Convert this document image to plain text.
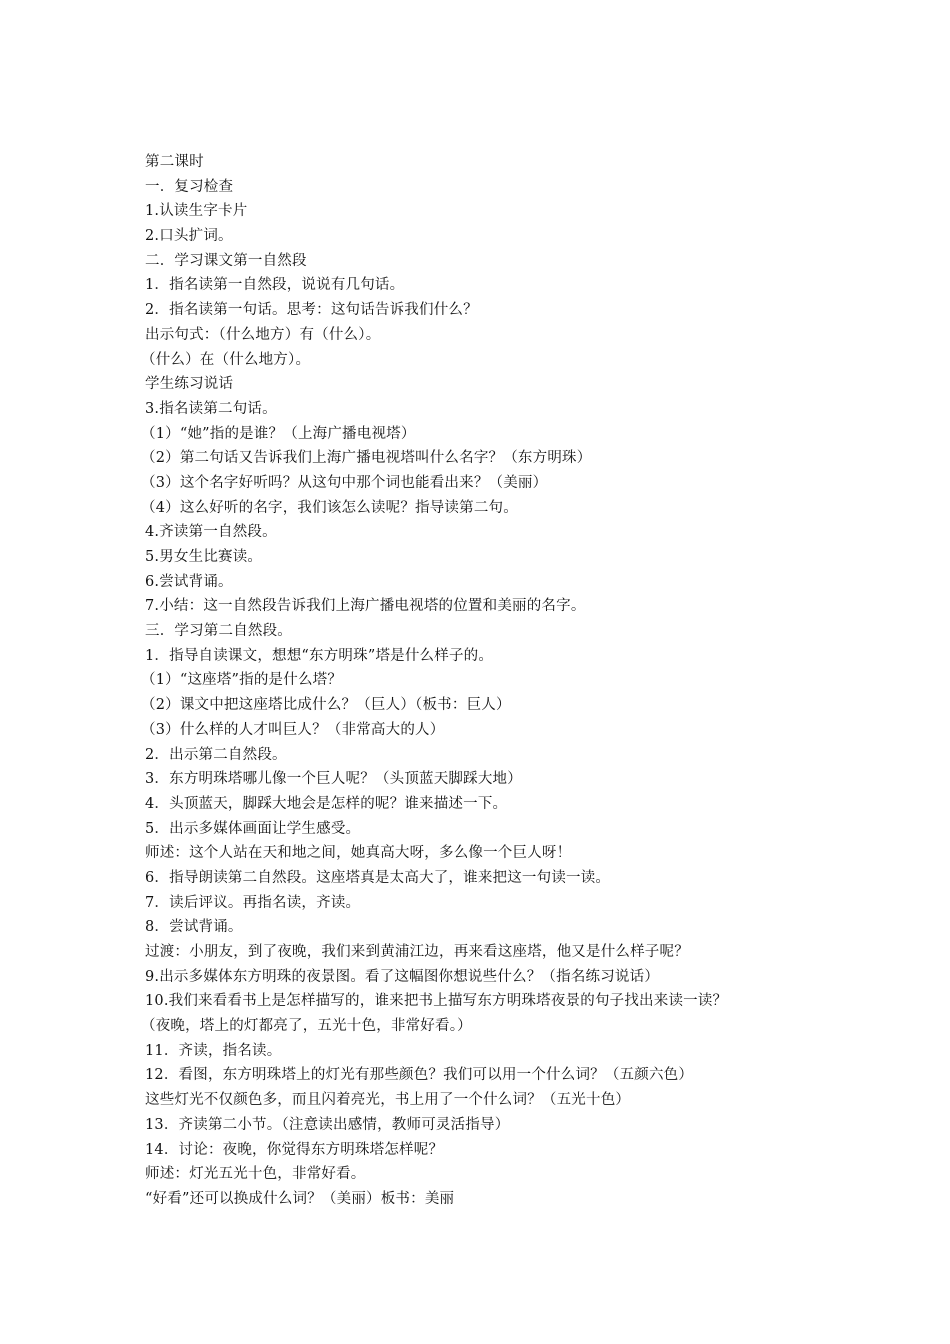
第二课时
一．复习检查
1.认读生字卡片
2.口头扩词。
二．学习课文第一自然段
1．指名读第一自然段，说说有几句话。
2．指名读第一句话。思考：这句话告诉我们什么？
出示句式：（什么地方）有（什么）。
（什么）在（什么地方）。
学生练习说话
3.指名读第二句话。
（1）“她”指的是谁？（上海广播电视塔）
（2）第二句话又告诉我们上海广播电视塔叫什么名字？（东方明珠）
（3）这个名字好听吗？从这句中那个词也能看出来？（美丽）
（4）这么好听的名字，我们该怎么读呢？指导读第二句。
4.齐读第一自然段。
5.男女生比赛读。
6.尝试背诵。
7.小结：这一自然段告诉我们上海广播电视塔的位置和美丽的名字。
三．学习第二自然段。
1．指导自读课文，想想“东方明珠”塔是什么样子的。
（1）“这座塔”指的是什么塔？
（2）课文中把这座塔比成什么？（巨人）（板书：巨人）
（3）什么样的人才叫巨人？（非常高大的人）
2．出示第二自然段。
3．东方明珠塔哪儿像一个巨人呢？（头顶蓝天脚踩大地）
4．头顶蓝天，脚踩大地会是怎样的呢？谁来描述一下。
5．出示多媒体画面让学生感受。
师述：这个人站在天和地之间，她真高大呀，多么像一个巨人呀！
6．指导朗读第二自然段。这座塔真是太高大了，谁来把这一句读一读。
7．读后评议。再指名读，齐读。
8．尝试背诵。
过渡：小朋友，到了夜晚，我们来到黄浦江边，再来看这座塔，他又是什么样子呢？
9.出示多媒体东方明珠的夜景图。看了这幅图你想说些什么？（指名练习说话）
10.我们来看看书上是怎样描写的，谁来把书上描写东方明珠塔夜景的句子找出来读一读？
（夜晚，塔上的灯都亮了，五光十色，非常好看。）
11．齐读，指名读。
12．看图，东方明珠塔上的灯光有那些颜色？我们可以用一个什么词？（五颜六色）
这些灯光不仅颜色多，而且闪着亮光，书上用了一个什么词？（五光十色）
13．齐读第二小节。（注意读出感情，教师可灵活指导）
14．讨论：夜晚，你觉得东方明珠塔怎样呢？
师述：灯光五光十色，非常好看。
“好看”还可以换成什么词？（美丽）板书：美丽
